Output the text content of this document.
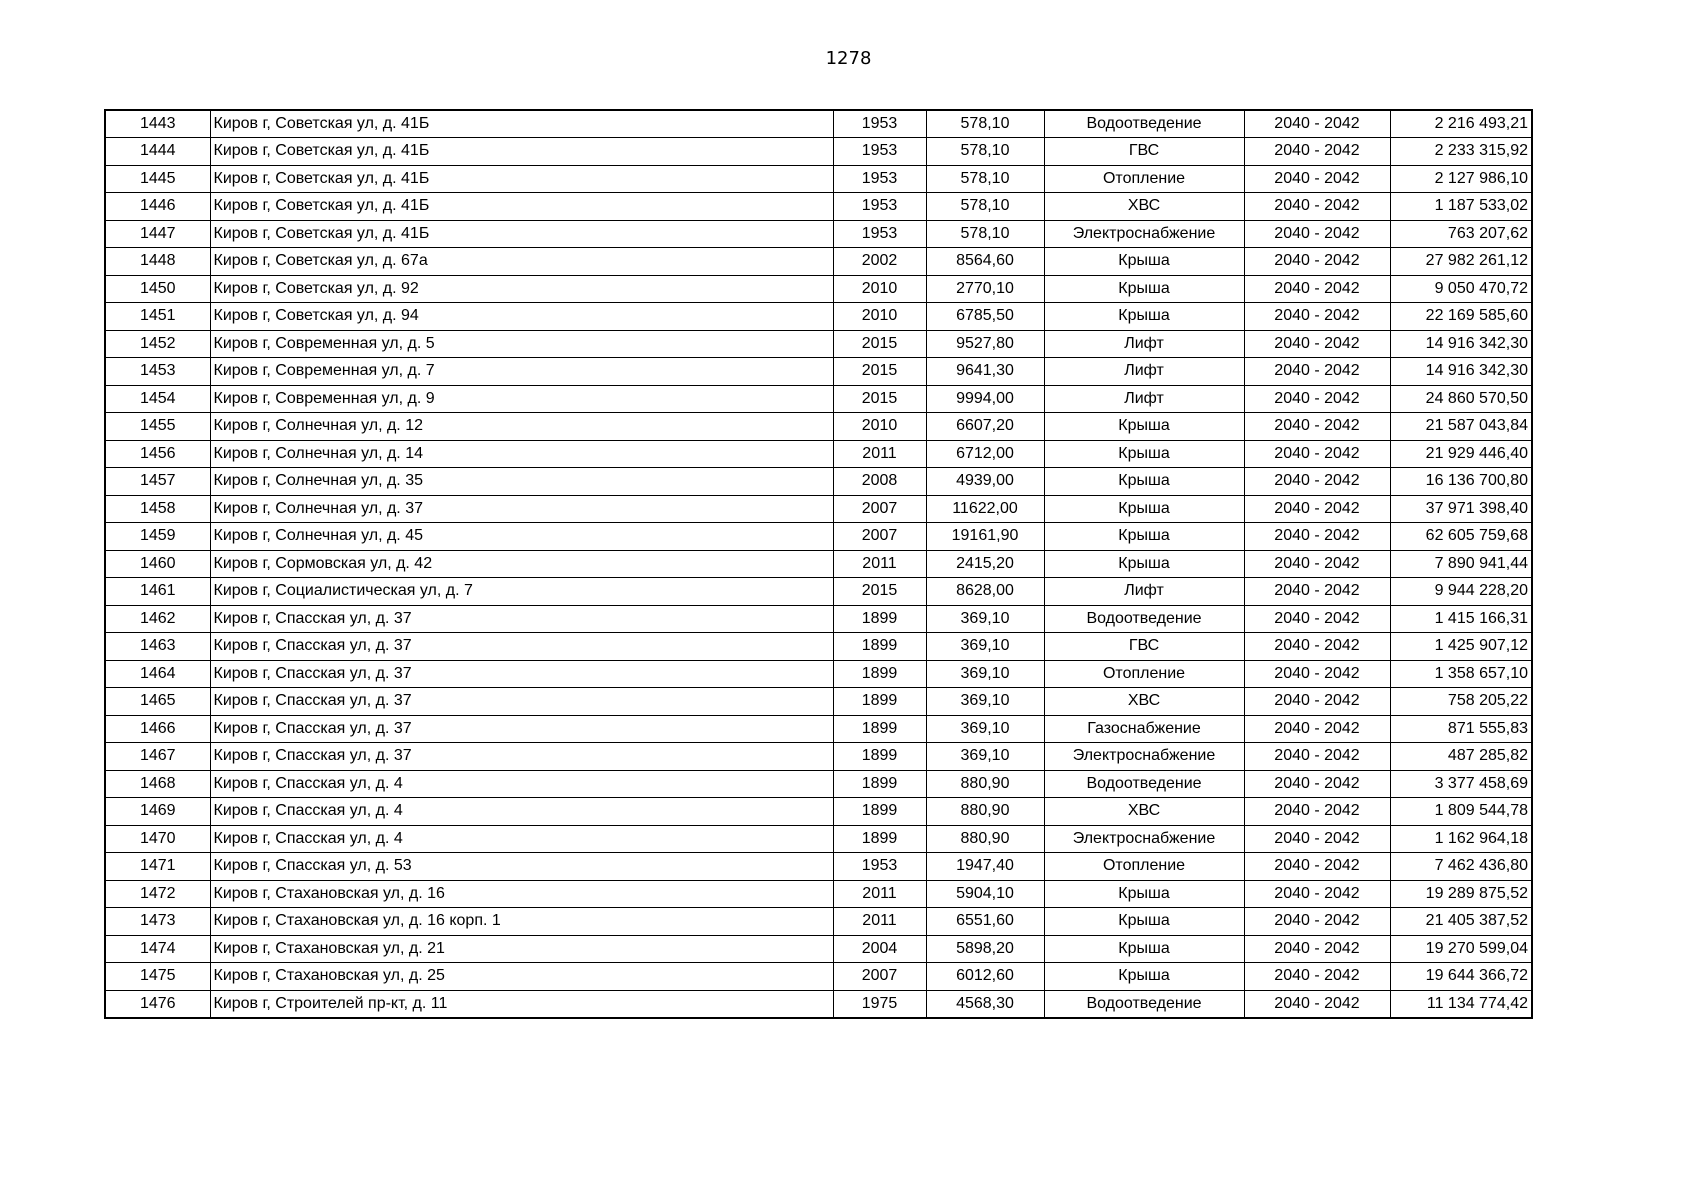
1278
1443	Киров г, Советская ул, д. 41Б	1953	578,10	Водоотведение	2040 - 2042	2 216 493,21
1444	Киров г, Советская ул, д. 41Б	1953	578,10	ГВС	2040 - 2042	2 233 315,92
1445	Киров г, Советская ул, д. 41Б	1953	578,10	Отопление	2040 - 2042	2 127 986,10
1446	Киров г, Советская ул, д. 41Б	1953	578,10	ХВС	2040 - 2042	1 187 533,02
1447	Киров г, Советская ул, д. 41Б	1953	578,10	Электроснабжение	2040 - 2042	763 207,62
1448	Киров г, Советская ул, д. 67а	2002	8564,60	Крыша	2040 - 2042	27 982 261,12
1450	Киров г, Советская ул, д. 92	2010	2770,10	Крыша	2040 - 2042	9 050 470,72
1451	Киров г, Советская ул, д. 94	2010	6785,50	Крыша	2040 - 2042	22 169 585,60
1452	Киров г, Современная ул, д. 5	2015	9527,80	Лифт	2040 - 2042	14 916 342,30
1453	Киров г, Современная ул, д. 7	2015	9641,30	Лифт	2040 - 2042	14 916 342,30
1454	Киров г, Современная ул, д. 9	2015	9994,00	Лифт	2040 - 2042	24 860 570,50
1455	Киров г, Солнечная ул, д. 12	2010	6607,20	Крыша	2040 - 2042	21 587 043,84
1456	Киров г, Солнечная ул, д. 14	2011	6712,00	Крыша	2040 - 2042	21 929 446,40
1457	Киров г, Солнечная ул, д. 35	2008	4939,00	Крыша	2040 - 2042	16 136 700,80
1458	Киров г, Солнечная ул, д. 37	2007	11622,00	Крыша	2040 - 2042	37 971 398,40
1459	Киров г, Солнечная ул, д. 45	2007	19161,90	Крыша	2040 - 2042	62 605 759,68
1460	Киров г, Сормовская ул, д. 42	2011	2415,20	Крыша	2040 - 2042	7 890 941,44
1461	Киров г, Социалистическая ул, д. 7	2015	8628,00	Лифт	2040 - 2042	9 944 228,20
1462	Киров г, Спасская ул, д. 37	1899	369,10	Водоотведение	2040 - 2042	1 415 166,31
1463	Киров г, Спасская ул, д. 37	1899	369,10	ГВС	2040 - 2042	1 425 907,12
1464	Киров г, Спасская ул, д. 37	1899	369,10	Отопление	2040 - 2042	1 358 657,10
1465	Киров г, Спасская ул, д. 37	1899	369,10	ХВС	2040 - 2042	758 205,22
1466	Киров г, Спасская ул, д. 37	1899	369,10	Газоснабжение	2040 - 2042	871 555,83
1467	Киров г, Спасская ул, д. 37	1899	369,10	Электроснабжение	2040 - 2042	487 285,82
1468	Киров г, Спасская ул, д. 4	1899	880,90	Водоотведение	2040 - 2042	3 377 458,69
1469	Киров г, Спасская ул, д. 4	1899	880,90	ХВС	2040 - 2042	1 809 544,78
1470	Киров г, Спасская ул, д. 4	1899	880,90	Электроснабжение	2040 - 2042	1 162 964,18
1471	Киров г, Спасская ул, д. 53	1953	1947,40	Отопление	2040 - 2042	7 462 436,80
1472	Киров г, Стахановская ул, д. 16	2011	5904,10	Крыша	2040 - 2042	19 289 875,52
1473	Киров г, Стахановская ул, д. 16 корп. 1	2011	6551,60	Крыша	2040 - 2042	21 405 387,52
1474	Киров г, Стахановская ул, д. 21	2004	5898,20	Крыша	2040 - 2042	19 270 599,04
1475	Киров г, Стахановская ул, д. 25	2007	6012,60	Крыша	2040 - 2042	19 644 366,72
1476	Киров г, Строителей пр-кт, д. 11	1975	4568,30	Водоотведение	2040 - 2042	11 134 774,42
